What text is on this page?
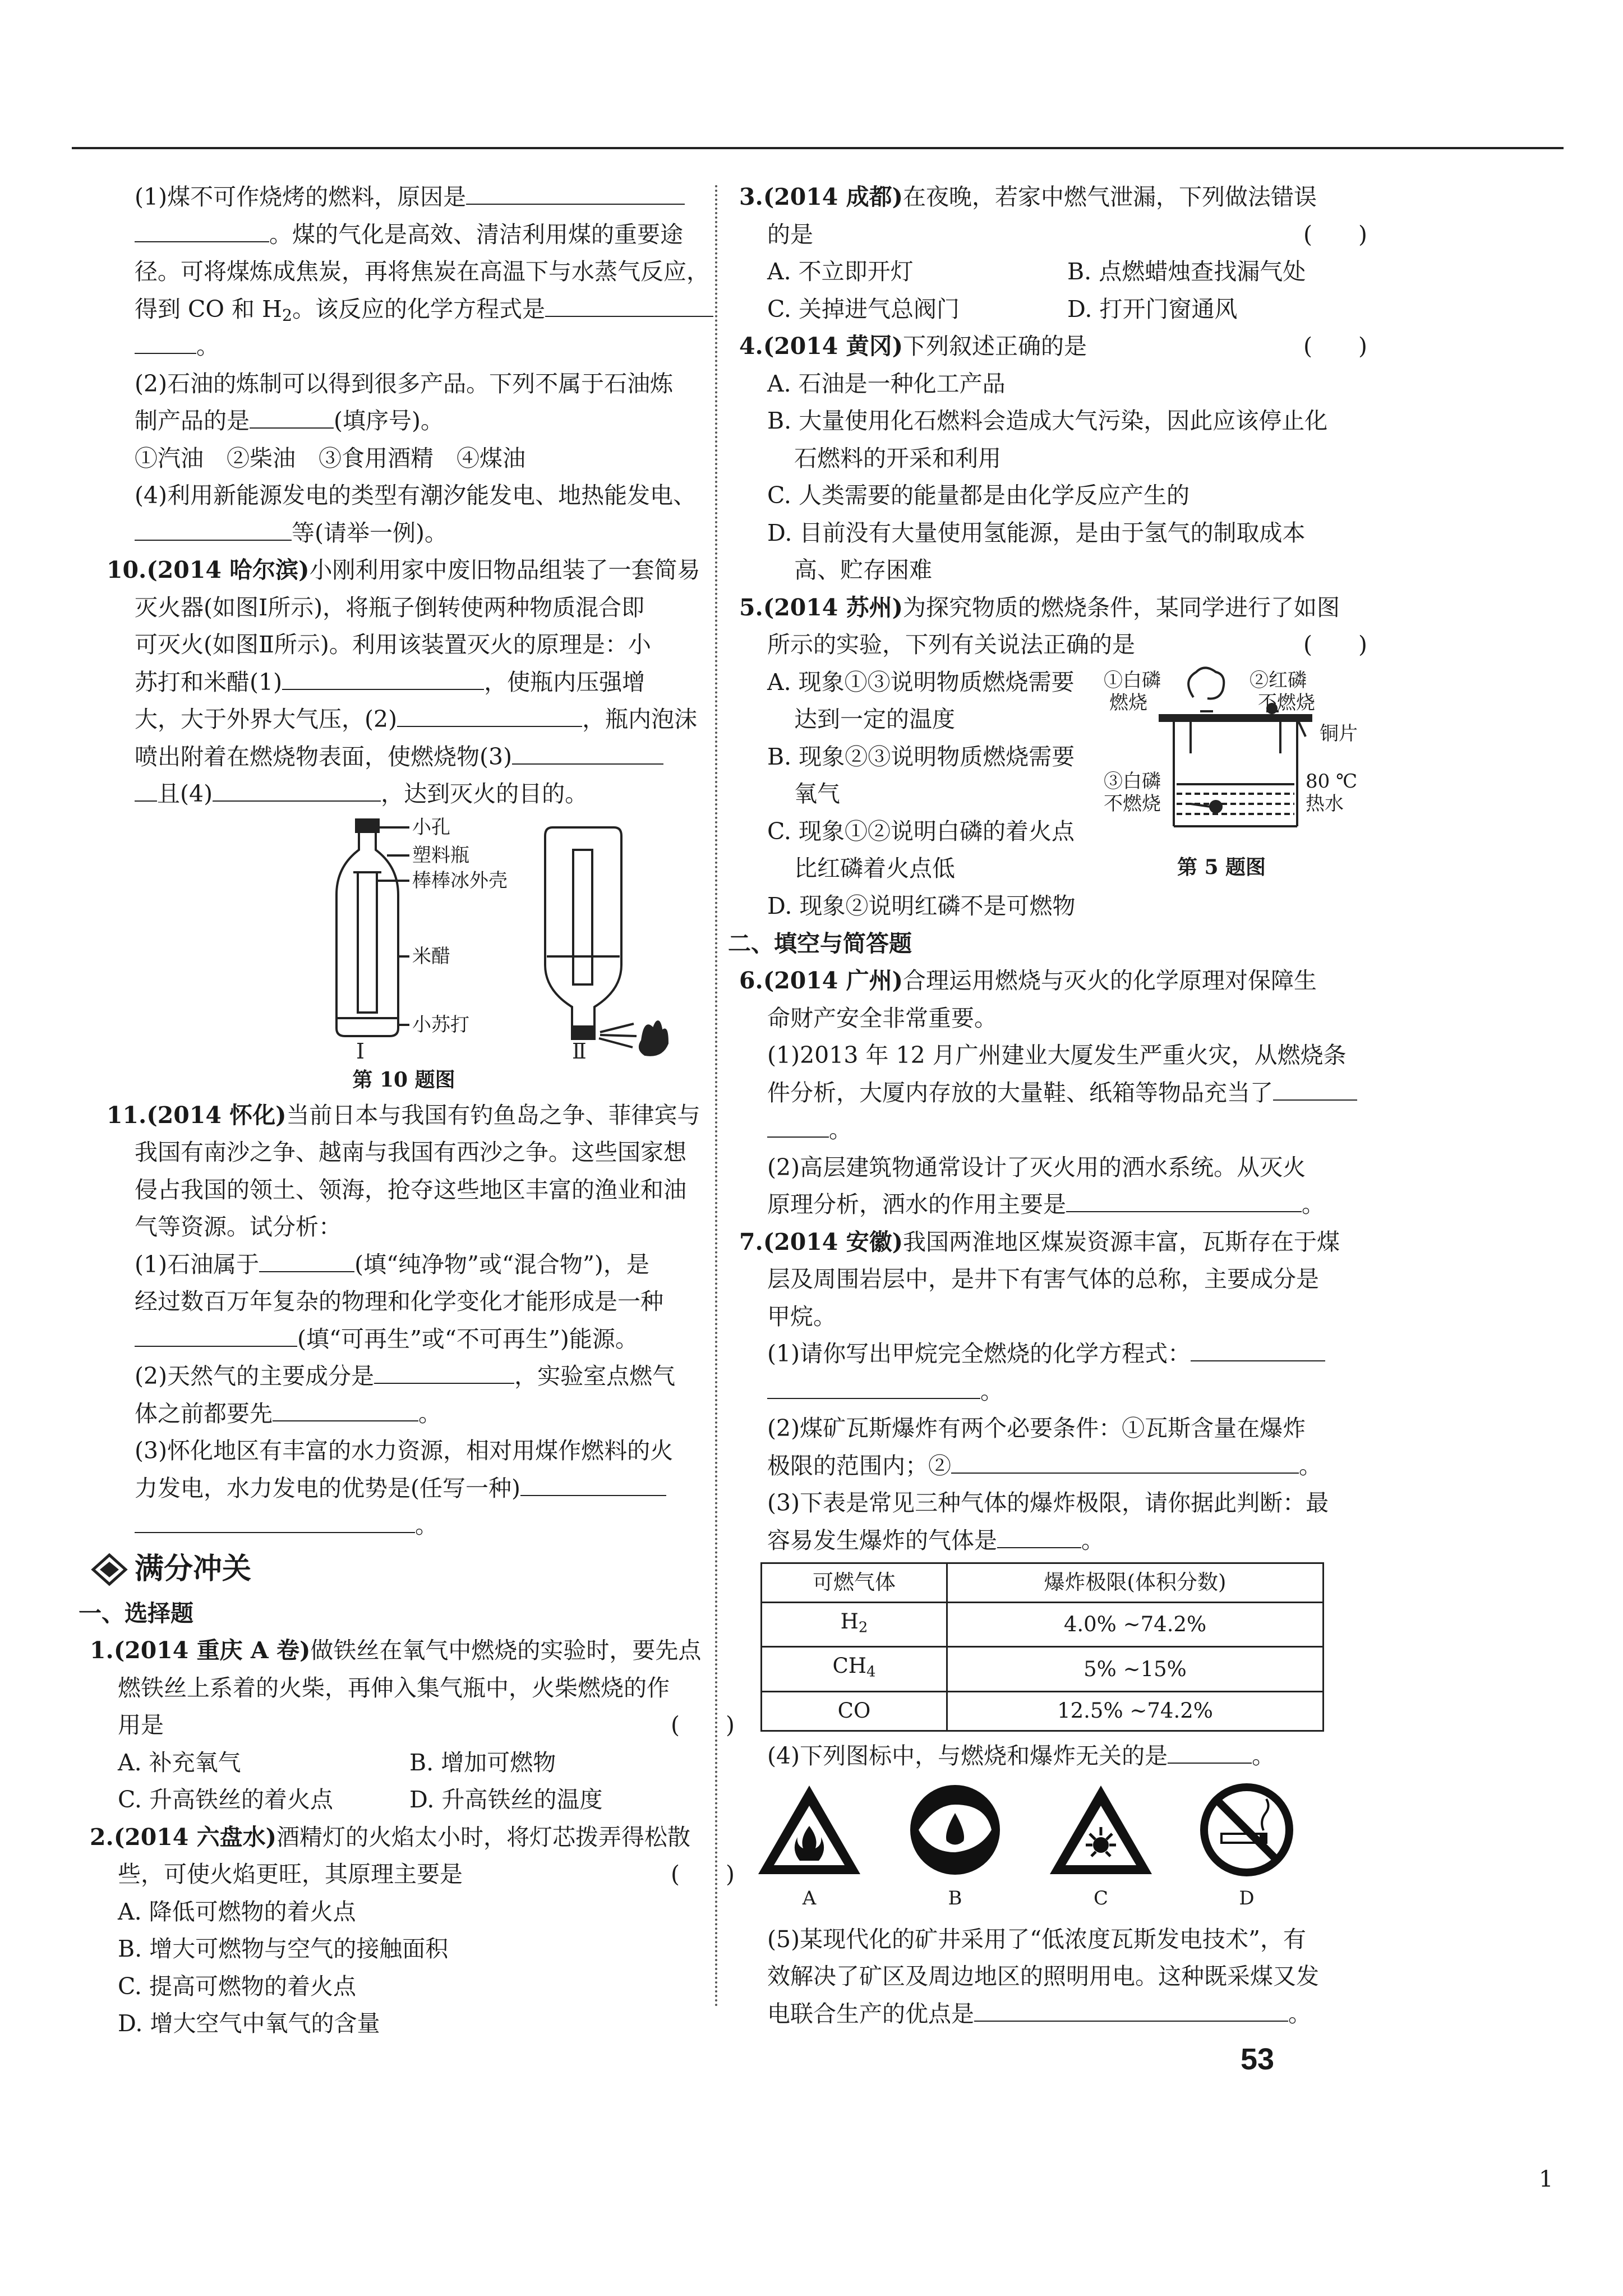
(1)煤不可作烧烤的燃料，原因是
。煤的气化是高效、清洁利用煤的重要途
径。可将煤炼成焦炭，再将焦炭在高温下与水蒸气反应，
得到 CO 和 $H_2$。该反应的化学方程式是
。
(2)石油的炼制可以得到很多产品。下列不属于石油炼
制产品的是	(填序号)。
①汽油　②柴油　③食用酒精　④煤油
(4)利用新能源发电的类型有潮汐能发电、地热能发电、
等(请举一例)。
10.(2014 哈尔滨)小刚利用家中废旧物品组装了一套简易
灭火器(如图Ⅰ所示)，将瓶子倒转使两种物质混合即
可灭火(如图Ⅱ所示)。利用该装置灭火的原理是：小
苏打和米醋(1)	，使瓶内压强增
大，大于外界大气压，(2)	，瓶内泡沫
喷出附着在燃烧物表面，使燃烧物(3)
且(4)	，达到灭火的目的。
Ⅰ	Ⅱ
小孔
塑料瓶
棒棒冰外壳
米醋
小苏打
第 10 题图
11.(2014 怀化)当前日本与我国有钓鱼岛之争、菲律宾与
我国有南沙之争、越南与我国有西沙之争。这些国家想
侵占我国的领土、领海，抢夺这些地区丰富的渔业和油
气等资源。试分析：
(1)石油属于	(填“纯净物”或“混合物”)，是
经过数百万年复杂的物理和化学变化才能形成是一种
(填“可再生”或“不可再生”)能源。
(2)天然气的主要成分是	，实验室点燃气
体之前都要先	。
(3)怀化地区有丰富的水力资源，相对用煤作燃料的火
力发电，水力发电的优势是(任写一种)
。
满分冲关
一、选择题
1.(2014 重庆 A 卷)做铁丝在氧气中燃烧的实验时，要先点
燃铁丝上系着的火柴，再伸入集气瓶中，火柴燃烧的作
用是	(　　)
A. 补充氧气	B. 增加可燃物
C. 升高铁丝的着火点	D. 升高铁丝的温度
2.(2014 六盘水)酒精灯的火焰太小时，将灯芯拨弄得松散
些，可使火焰更旺，其原理主要是	(　　)
A. 降低可燃物的着火点
B. 增大可燃物与空气的接触面积
C. 提高可燃物的着火点
D. 增大空气中氧气的含量
3.(2014 成都)在夜晚，若家中燃气泄漏，下列做法错误
的是	(　　)
A. 不立即开灯	B. 点燃蜡烛查找漏气处
C. 关掉进气总阀门	D. 打开门窗通风
4.(2014 黄冈)下列叙述正确的是	(　　)
A. 石油是一种化工产品
B. 大量使用化石燃料会造成大气污染，因此应该停止化
石燃料的开采和利用
C. 人类需要的能量都是由化学反应产生的
D. 目前没有大量使用氢能源，是由于氢气的制取成本
高、贮存困难
5.(2014 苏州)为探究物质的燃烧条件，某同学进行了如图
所示的实验，下列有关说法正确的是	(　　)
A. 现象①③说明物质燃烧需要
达到一定的温度
B. 现象②③说明物质燃烧需要
氧气
C. 现象①②说明白磷的着火点
比红磷着火点低
D. 现象②说明红磷不是可燃物
①白磷
燃烧
②红磷
不燃烧
铜片
80 ℃
热水
③白磷
不燃烧
第 5 题图
二、填空与简答题
6.(2014 广州)合理运用燃烧与灭火的化学原理对保障生
命财产安全非常重要。
(1)2013 年 12 月广州建业大厦发生严重火灾，从燃烧条
件分析，大厦内存放的大量鞋、纸箱等物品充当了
。
(2)高层建筑物通常设计了灭火用的洒水系统。从灭火
原理分析，洒水的作用主要是	。
7.(2014 安徽)我国两淮地区煤炭资源丰富，瓦斯存在于煤
层及周围岩层中，是井下有害气体的总称，主要成分是
甲烷。
(1)请你写出甲烷完全燃烧的化学方程式：
。
(2)煤矿瓦斯爆炸有两个必要条件：①瓦斯含量在爆炸
极限的范围内；②	。
(3)下表是常见三种气体的爆炸极限，请你据此判断：最
容易发生爆炸的气体是	。
可燃气体	爆炸极限(体积分数)
$H_2$	4.0% ~74.2%
$CH_4$	5% ~15%
CO	12.5% ~74.2%
(4)下列图标中，与燃烧和爆炸无关的是	。
A	B	C	D
(5)某现代化的矿井采用了“低浓度瓦斯发电技术”，有
效解决了矿区及周边地区的照明用电。这种既采煤又发
电联合生产的优点是	。
53
1
